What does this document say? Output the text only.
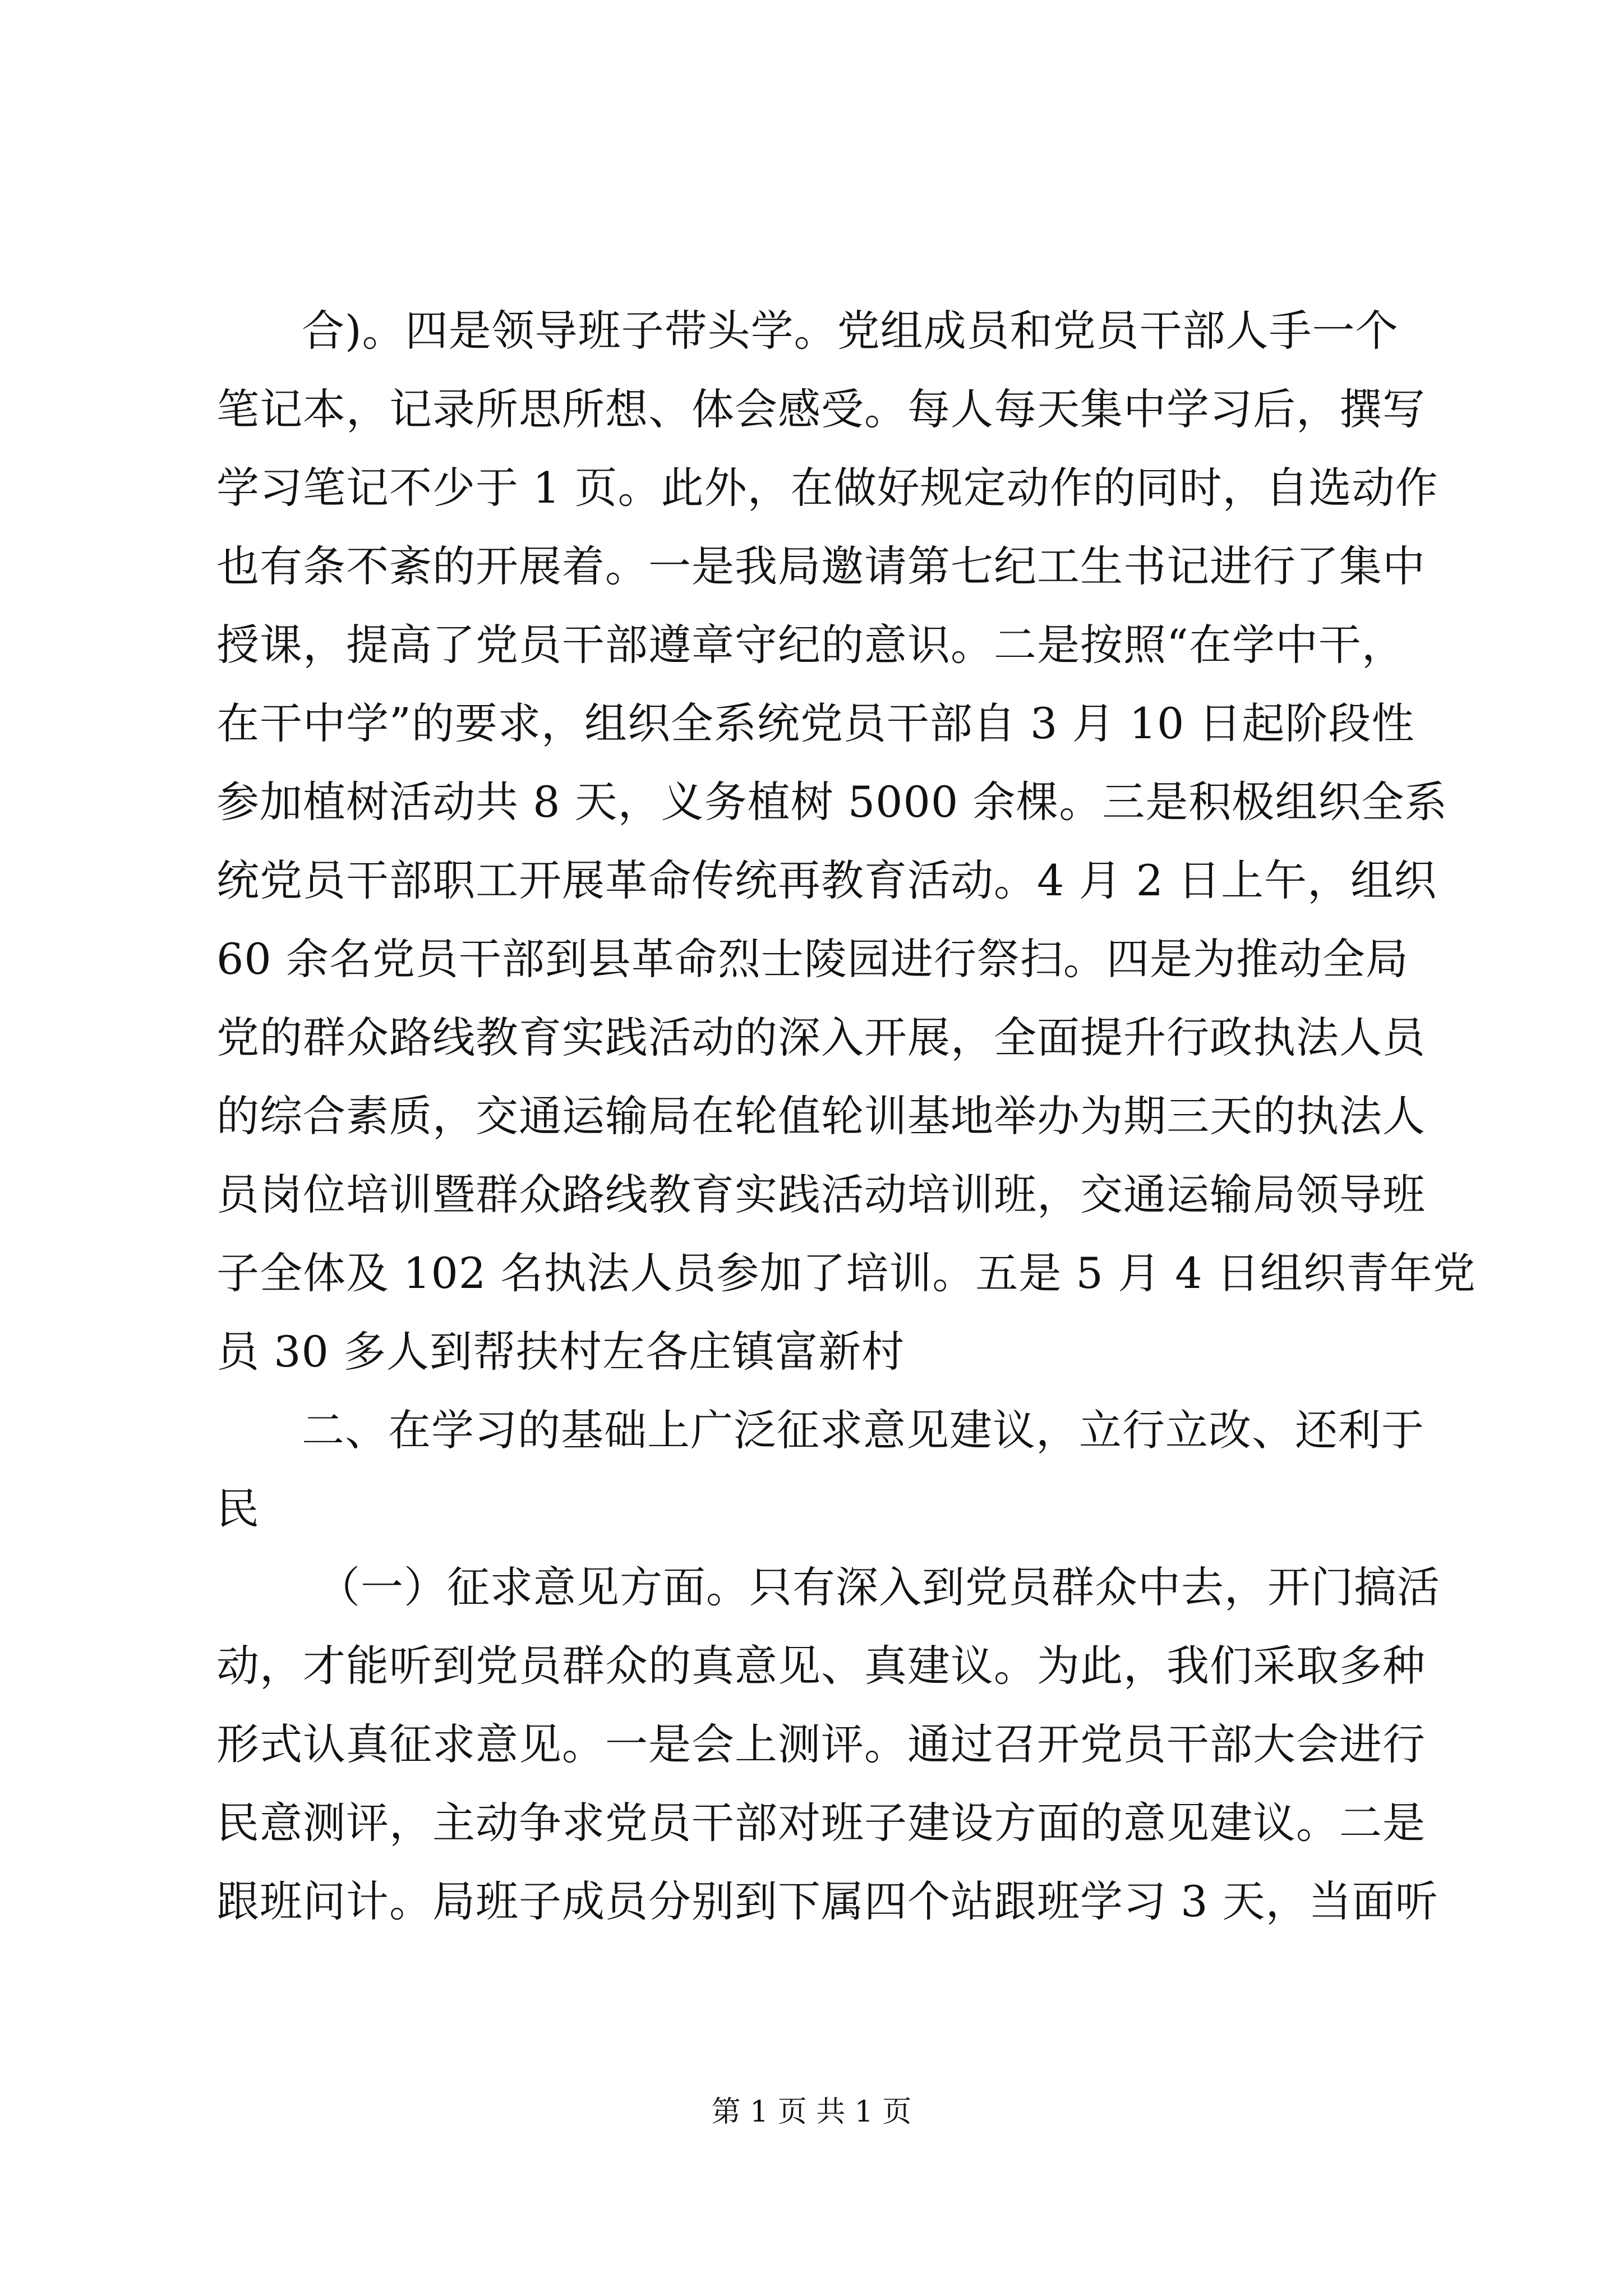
合)。四是领导班子带头学。党组成员和党员干部人手一个
笔记本，记录所思所想、体会感受。每人每天集中学习后，撰写
学习笔记不少于 1 页。此外，在做好规定动作的同时，自选动作
也有条不紊的开展着。一是我局邀请第七纪工生书记进行了集中
授课，提高了党员干部遵章守纪的意识。二是按照“在学中干，
在干中学”的要求，组织全系统党员干部自 3 月 10 日起阶段性
参加植树活动共 8 天，义务植树 5000 余棵。三是积极组织全系
统党员干部职工开展革命传统再教育活动。4 月 2 日上午，组织
60 余名党员干部到县革命烈士陵园进行祭扫。四是为推动全局
党的群众路线教育实践活动的深入开展，全面提升行政执法人员
的综合素质，交通运输局在轮值轮训基地举办为期三天的执法人
员岗位培训暨群众路线教育实践活动培训班，交通运输局领导班
子全体及 102 名执法人员参加了培训。五是 5 月 4 日组织青年党
员 30 多人到帮扶村左各庄镇富新村
二、在学习的基础上广泛征求意见建议，立行立改、还利于
民
（一）征求意见方面。只有深入到党员群众中去，开门搞活
动，才能听到党员群众的真意见、真建议。为此，我们采取多种
形式认真征求意见。一是会上测评。通过召开党员干部大会进行
民意测评，主动争求党员干部对班子建设方面的意见建议。二是
跟班问计。局班子成员分别到下属四个站跟班学习 3 天，当面听
第 1 页 共 1 页
